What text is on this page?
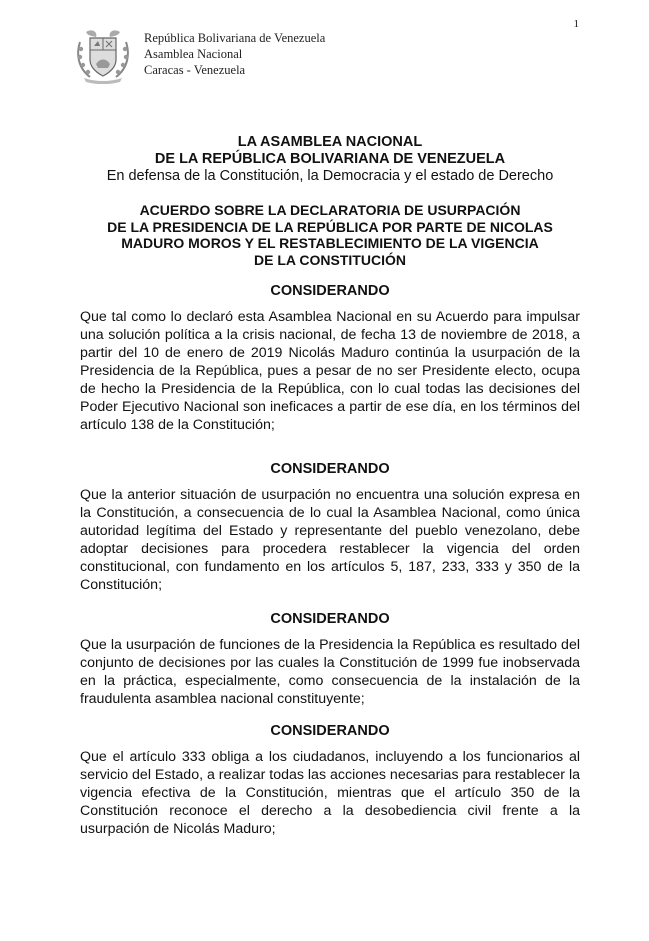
1
República Bolivariana de Venezuela
Asamblea Nacional
Caracas - Venezuela
LA ASAMBLEA NACIONAL
DE LA REPÚBLICA BOLIVARIANA DE VENEZUELA
En defensa de la Constitución, la Democracia y el estado de Derecho
ACUERDO SOBRE LA DECLARATORIA DE USURPACIÓN
DE LA PRESIDENCIA DE LA REPÚBLICA POR PARTE DE NICOLAS
MADURO MOROS Y EL RESTABLECIMIENTO DE LA VIGENCIA
DE LA CONSTITUCIÓN
CONSIDERANDO

Que tal como lo declaró esta Asamblea Nacional en su Acuerdo para impulsar una solución política a la crisis nacional, de fecha 13 de noviembre de 2018, a partir del 10 de enero de 2019 Nicolás Maduro continúa la usurpación de la Presidencia de la República, pues a pesar de no ser Presidente electo, ocupa de hecho la Presidencia de la República, con lo cual todas las decisiones del Poder Ejecutivo Nacional son ineficaces a partir de ese día, en los términos del artículo 138 de la Constitución;

CONSIDERANDO

Que la anterior situación de usurpación no encuentra una solución expresa en la Constitución, a consecuencia de lo cual la Asamblea Nacional, como única autoridad legítima del Estado y representante del pueblo venezolano, debe adoptar decisiones para procedera restablecer la vigencia del orden constitucional, con fundamento en los artículos 5, 187, 233, 333 y 350 de la Constitución;

CONSIDERANDO

Que la usurpación de funciones de la Presidencia la República es resultado del conjunto de decisiones por las cuales la Constitución de 1999 fue inobservada en la práctica, especialmente, como consecuencia de la instalación de la fraudulenta asamblea nacional constituyente;

CONSIDERANDO

Que el artículo 333 obliga a los ciudadanos, incluyendo a los funcionarios al servicio del Estado, a realizar todas las acciones necesarias para restablecer la vigencia efectiva de la Constitución, mientras que el artículo 350 de la Constitución reconoce el derecho a la desobediencia civil frente a la usurpación de Nicolás Maduro;
